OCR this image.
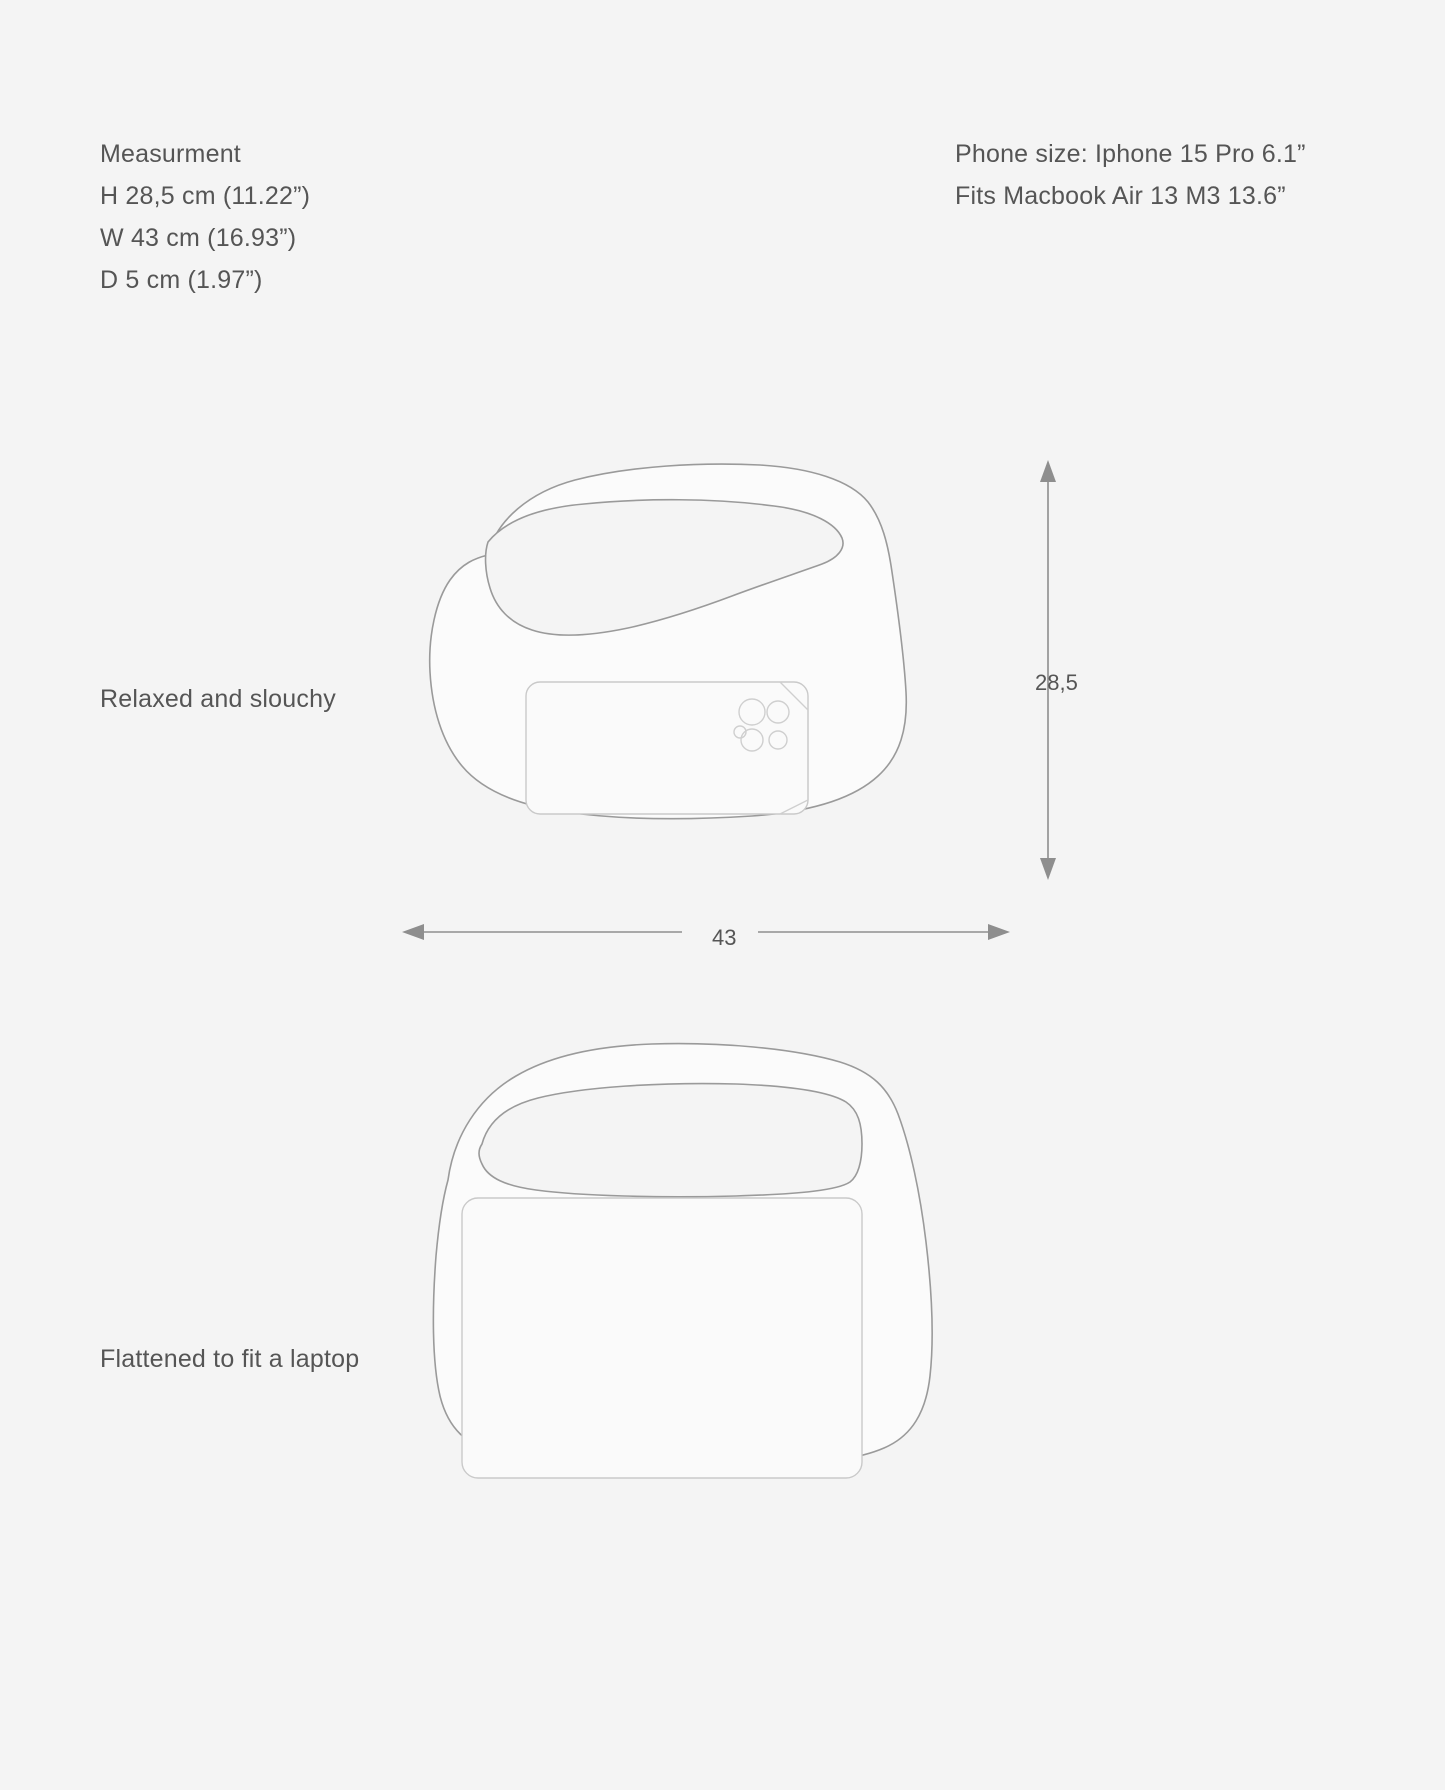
Measurment
H 28,5 cm (11.22”)
W 43 cm (16.93”)
D 5 cm (1.97”)
Phone size: Iphone 15 Pro 6.1”
Fits Macbook Air 13 M3 13.6”
Relaxed and slouchy
Flattened to fit a laptop
28,5
43
